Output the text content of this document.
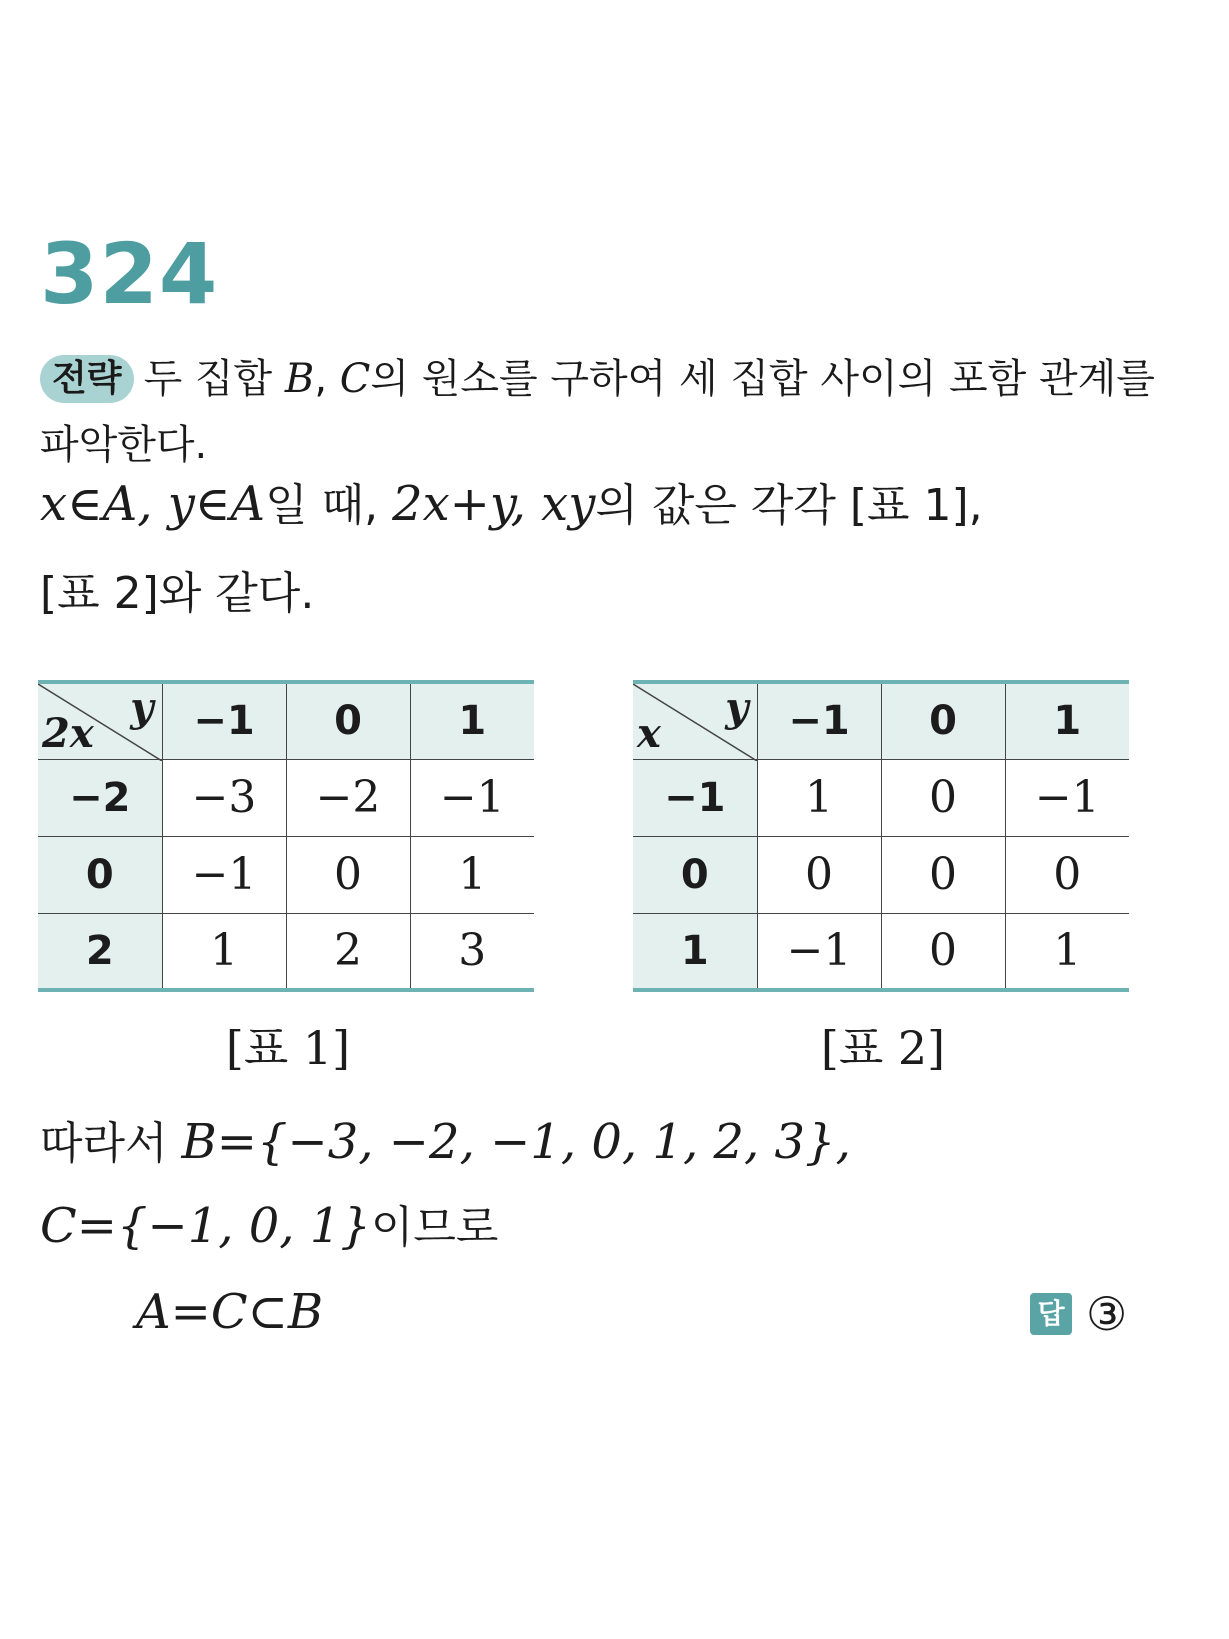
324
전략 두 집합 B, C의 원소를 구하여 세 집합 사이의 포함 관계를 파악한다.
x∈A, y∈A일 때, 2x+y, xy의 값은 각각 [표 1],
[표 2]와 같다.
y
2x	−1	0	1
−2	−3	−2	−1
0	−1	0	1
2	1	2	3
[표 1]
y
x	−1	0	1
−1	1	0	−1
0	0	0	0
1	−1	0	1
[표 2]
따라서 B={−3, −2, −1, 0, 1, 2, 3},
C={−1, 0, 1}이므로
A=C⊂B	답 ③
